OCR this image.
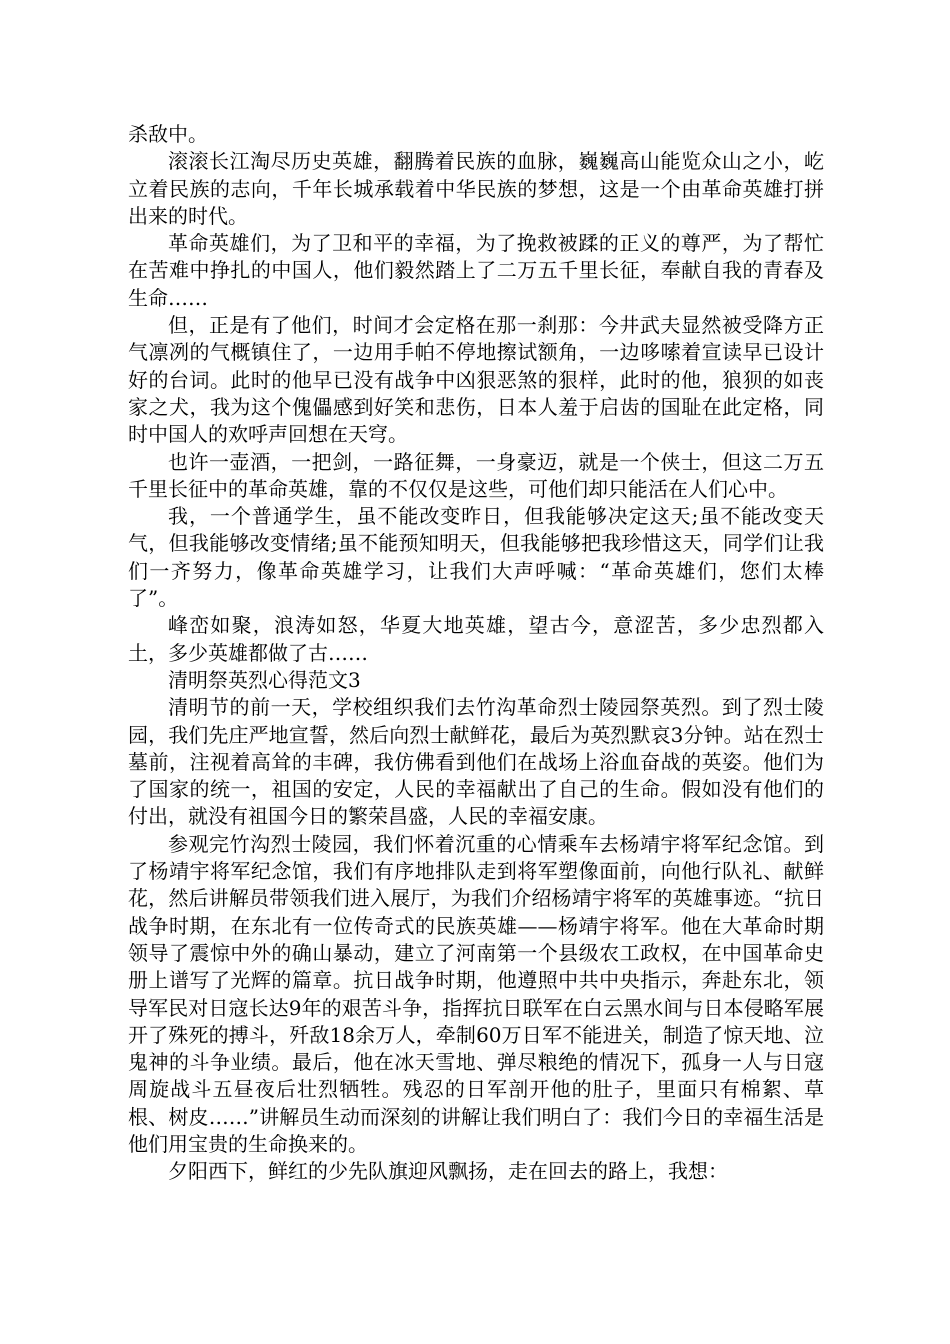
杀敌中。

滚滚长江淘尽历史英雄，翻腾着民族的血脉，巍巍高山能览众山之小，屹立着民族的志向，千年长城承载着中华民族的梦想，这是一个由革命英雄打拼出来的时代。

革命英雄们，为了卫和平的幸福，为了挽救被蹂的正义的尊严，为了帮忙在苦难中挣扎的中国人，他们毅然踏上了二万五千里长征，奉献自我的青春及生命……

但，正是有了他们，时间才会定格在那一刹那：今井武夫显然被受降方正气凛冽的气概镇住了，一边用手帕不停地擦试额角，一边哆嗦着宣读早已设计好的台词。此时的他早已没有战争中凶狠恶煞的狠样，此时的他，狼狈的如丧家之犬，我为这个傀儡感到好笑和悲伤，日本人羞于启齿的国耻在此定格，同时中国人的欢呼声回想在天穹。

也许一壶酒，一把剑，一路征舞，一身豪迈，就是一个侠士，但这二万五千里长征中的革命英雄，靠的不仅仅是这些，可他们却只能活在人们心中。

我，一个普通学生，虽不能改变昨日，但我能够决定这天;虽不能改变天气，但我能够改变情绪;虽不能预知明天，但我能够把我珍惜这天，同学们让我们一齐努力，像革命英雄学习，让我们大声呼喊：“革命英雄们，您们太棒了”。

峰峦如聚，浪涛如怒，华夏大地英雄，望古今，意涩苦，多少忠烈都入土，多少英雄都做了古……

清明祭英烈心得范文3

清明节的前一天，学校组织我们去竹沟革命烈士陵园祭英烈。到了烈士陵园，我们先庄严地宣誓，然后向烈士献鲜花，最后为英烈默哀3分钟。站在烈士墓前，注视着高耸的丰碑，我仿佛看到他们在战场上浴血奋战的英姿。他们为了国家的统一，祖国的安定，人民的幸福献出了自己的生命。假如没有他们的付出，就没有祖国今日的繁荣昌盛，人民的幸福安康。

参观完竹沟烈士陵园，我们怀着沉重的心情乘车去杨靖宇将军纪念馆。到了杨靖宇将军纪念馆，我们有序地排队走到将军塑像面前，向他行队礼、献鲜花，然后讲解员带领我们进入展厅，为我们介绍杨靖宇将军的英雄事迹。“抗日战争时期，在东北有一位传奇式的民族英雄——杨靖宇将军。他在大革命时期领导了震惊中外的确山暴动，建立了河南第一个县级农工政权，在中国革命史册上谱写了光辉的篇章。抗日战争时期，他遵照中共中央指示，奔赴东北，领导军民对日寇长达9年的艰苦斗争，指挥抗日联军在白云黑水间与日本侵略军展开了殊死的搏斗，歼敌18余万人，牵制60万日军不能进关，制造了惊天地、泣鬼神的斗争业绩。最后，他在冰天雪地、弹尽粮绝的情况下，孤身一人与日寇周旋战斗五昼夜后壮烈牺牲。残忍的日军剖开他的肚子，里面只有棉絮、草根、树皮……”讲解员生动而深刻的讲解让我们明白了：我们今日的幸福生活是他们用宝贵的生命换来的。

夕阳西下，鲜红的少先队旗迎风飘扬，走在回去的路上，我想：
